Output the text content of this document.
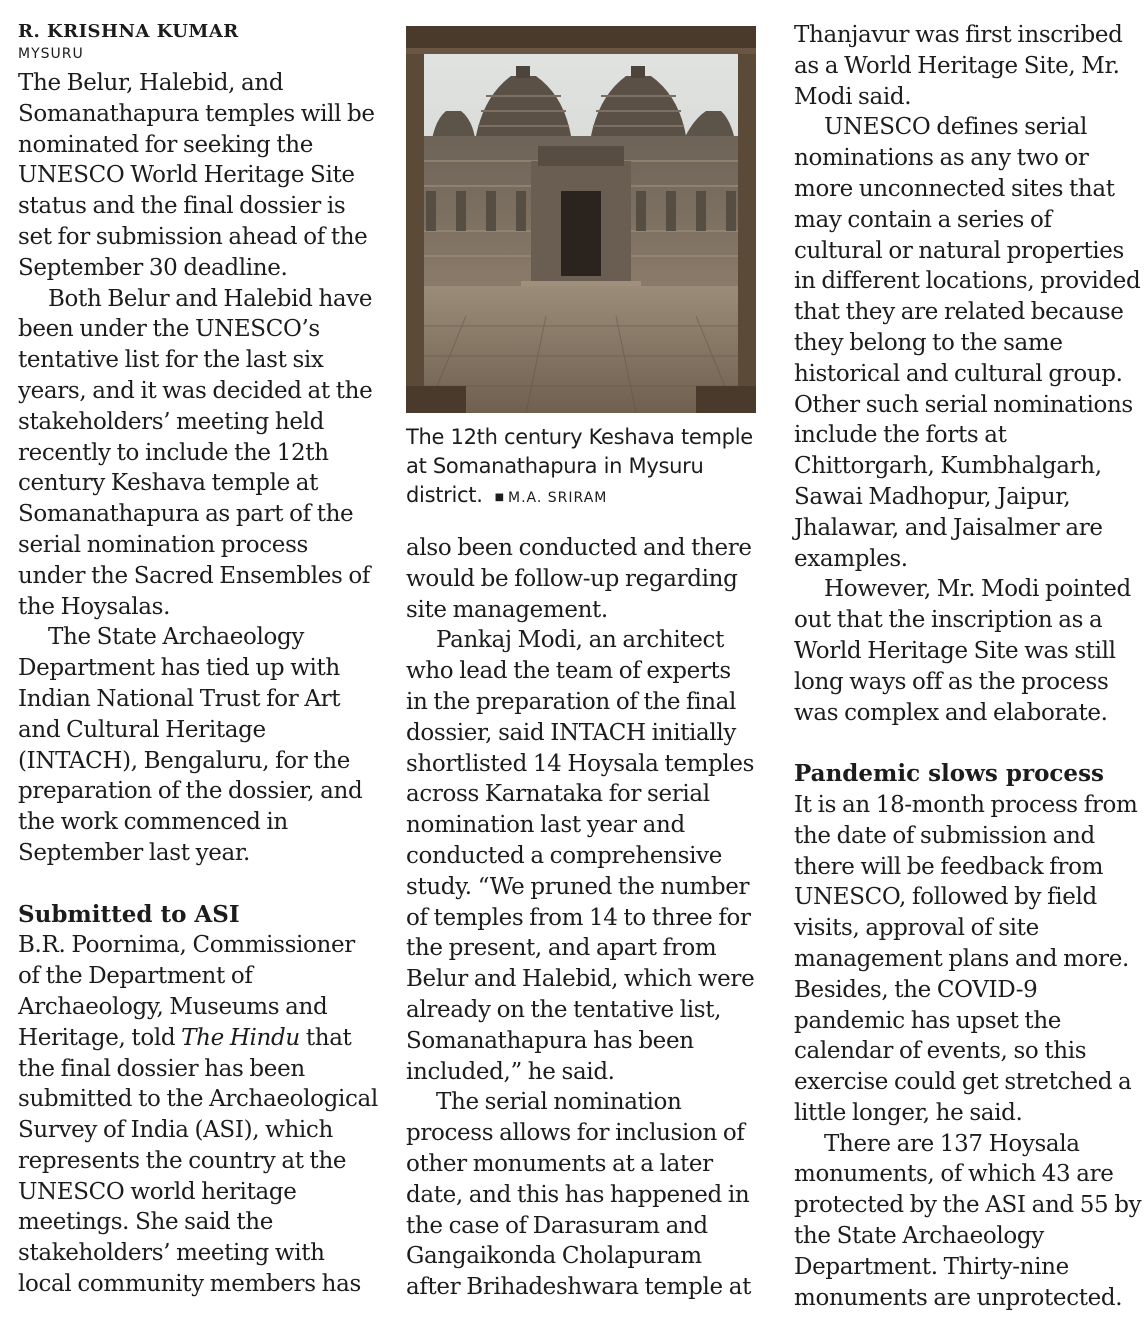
R. KRISHNA KUMAR
MYSURU

The Belur, Halebid, and Somanathapura temples will be nominated for seeking the UNESCO World Heritage Site status and the final dossier is set for submission ahead of the September 30 deadline.

Both Belur and Halebid have been under the UNESCO’s tentative list for the last six years, and it was decided at the stakeholders’ meeting held recently to include the 12th century Keshava temple at Somanathapura as part of the serial nomination process under the Sacred Ensembles of the Hoysalas.

The State Archaeology Department has tied up with Indian National Trust for Art and Cultural Heritage (INTACH), Bengaluru, for the preparation of the dossier, and the work commenced in September last year.

Submitted to ASI

B.R. Poornima, Commissioner of the Department of Archaeology, Museums and Heritage, told The Hindu that the final dossier has been submitted to the Archaeological Survey of India (ASI), which represents the country at the UNESCO world heritage meetings. She said the stakeholders’ meeting with local community members has

The 12th century Keshava temple at Somanathapura in Mysuru district. ■ M.A. SRIRAM

also been conducted and there would be follow-up regarding site management.

Pankaj Modi, an architect who lead the team of experts in the preparation of the final dossier, said INTACH initially shortlisted 14 Hoysala temples across Karnataka for serial nomination last year and conducted a comprehensive study. “We pruned the number of temples from 14 to three for the present, and apart from Belur and Halebid, which were already on the tentative list, Somanathapura has been included,” he said.

The serial nomination process allows for inclusion of other monuments at a later date, and this has happened in the case of Darasuram and Gangaikonda Cholapuram after Brihadeshwara temple at

Thanjavur was first inscribed as a World Heritage Site, Mr. Modi said.

UNESCO defines serial nominations as any two or more unconnected sites that may contain a series of cultural or natural properties in different locations, provided that they are related because they belong to the same historical and cultural group. Other such serial nominations include the forts at Chittorgarh, Kumbhalgarh, Sawai Madhopur, Jaipur, Jhalawar, and Jaisalmer are examples.

However, Mr. Modi pointed out that the inscription as a World Heritage Site was still long ways off as the process was complex and elaborate.

Pandemic slows process

It is an 18-month process from the date of submission and there will be feedback from UNESCO, followed by field visits, approval of site management plans and more. Besides, the COVID-9 pandemic has upset the calendar of events, so this exercise could get stretched a little longer, he said.

There are 137 Hoysala monuments, of which 43 are protected by the ASI and 55 by the State Archaeology Department. Thirty-nine monuments are unprotected.
